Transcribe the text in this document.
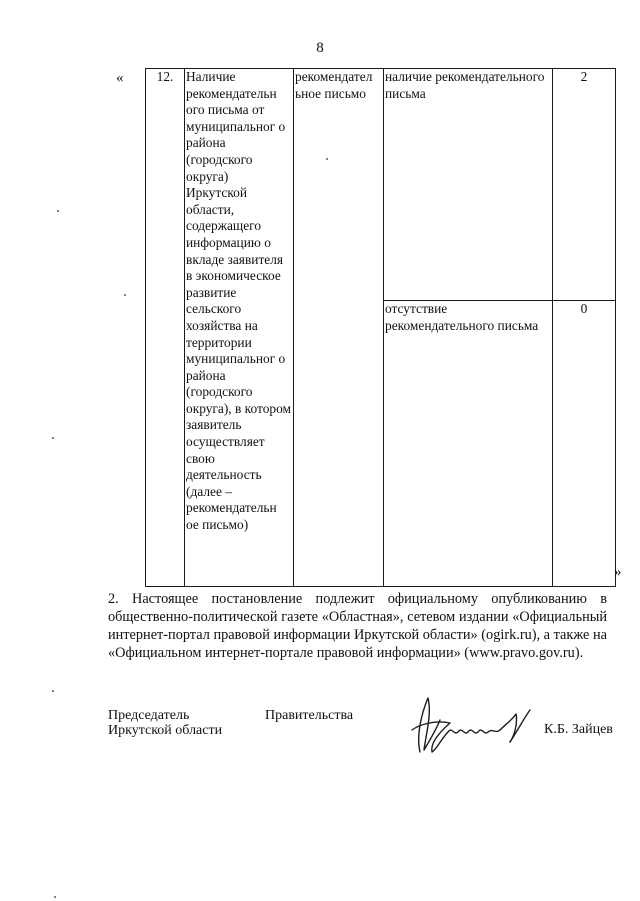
8
«
»
12.	Наличие рекомендательн ого письма от муниципальног о района (городского округа) Иркутской области, содержащего информацию о вкладе заявителя в экономическое развитие сельского хозяйства на территории муниципальног о района (городского округа), в котором заявитель осуществляет свою деятельность (далее – рекомендательн ое письмо)	рекомендател ьное письмо	наличие рекомендательного письма	2
			отсутствие рекомендательного письма	0
2. Настоящее постановление подлежит официальному опубликованию в общественно-политической газете «Областная», сетевом издании «Официальный интернет-портал правовой информации Иркутской области» (ogirk.ru), а также на «Официальном интернет-портале правовой информации» (www.pravo.gov.ru).
Председатель
Иркутской области
Правительства
К.Б. Зайцев
